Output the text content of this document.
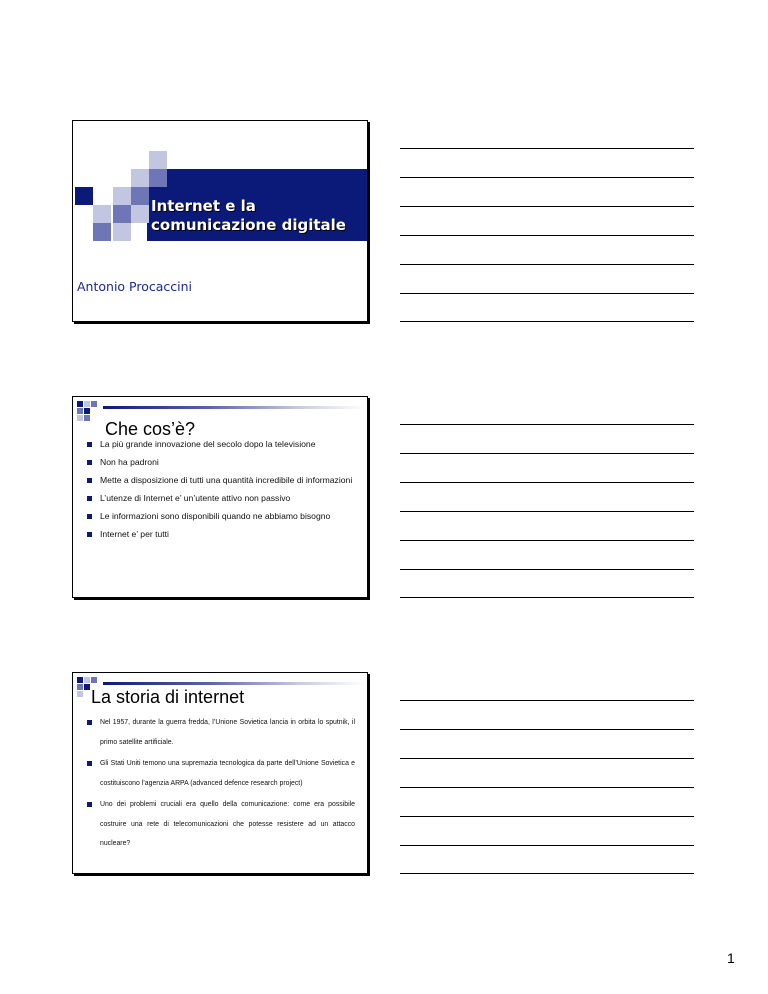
Internet e la
comunicazione digitale
Antonio Procaccini
Che cos’è?
La più grande innovazione del secolo dopo la televisione
Non ha padroni
Mette a disposizione di tutti una quantità incredibile di informazioni
L’utenze di Internet e’ un’utente attivo non passivo
Le informazioni sono disponibili quando ne abbiamo bisogno
Internet e’ per tutti
La storia di internet
Nel 1957, durante la guerra fredda, l’Unione Sovietica lancia in orbita lo sputnik, il primo satellite artificiale.
Gli Stati Uniti temono una supremazia tecnologica da parte dell’Unione Sovietica e costituiscono l’agenzia ARPA (advanced defence research project)
Uno dei problemi cruciali era quello della comunicazione: come era possibile costruire una rete di telecomunicazioni che potesse resistere ad un attacco nucleare?
1
